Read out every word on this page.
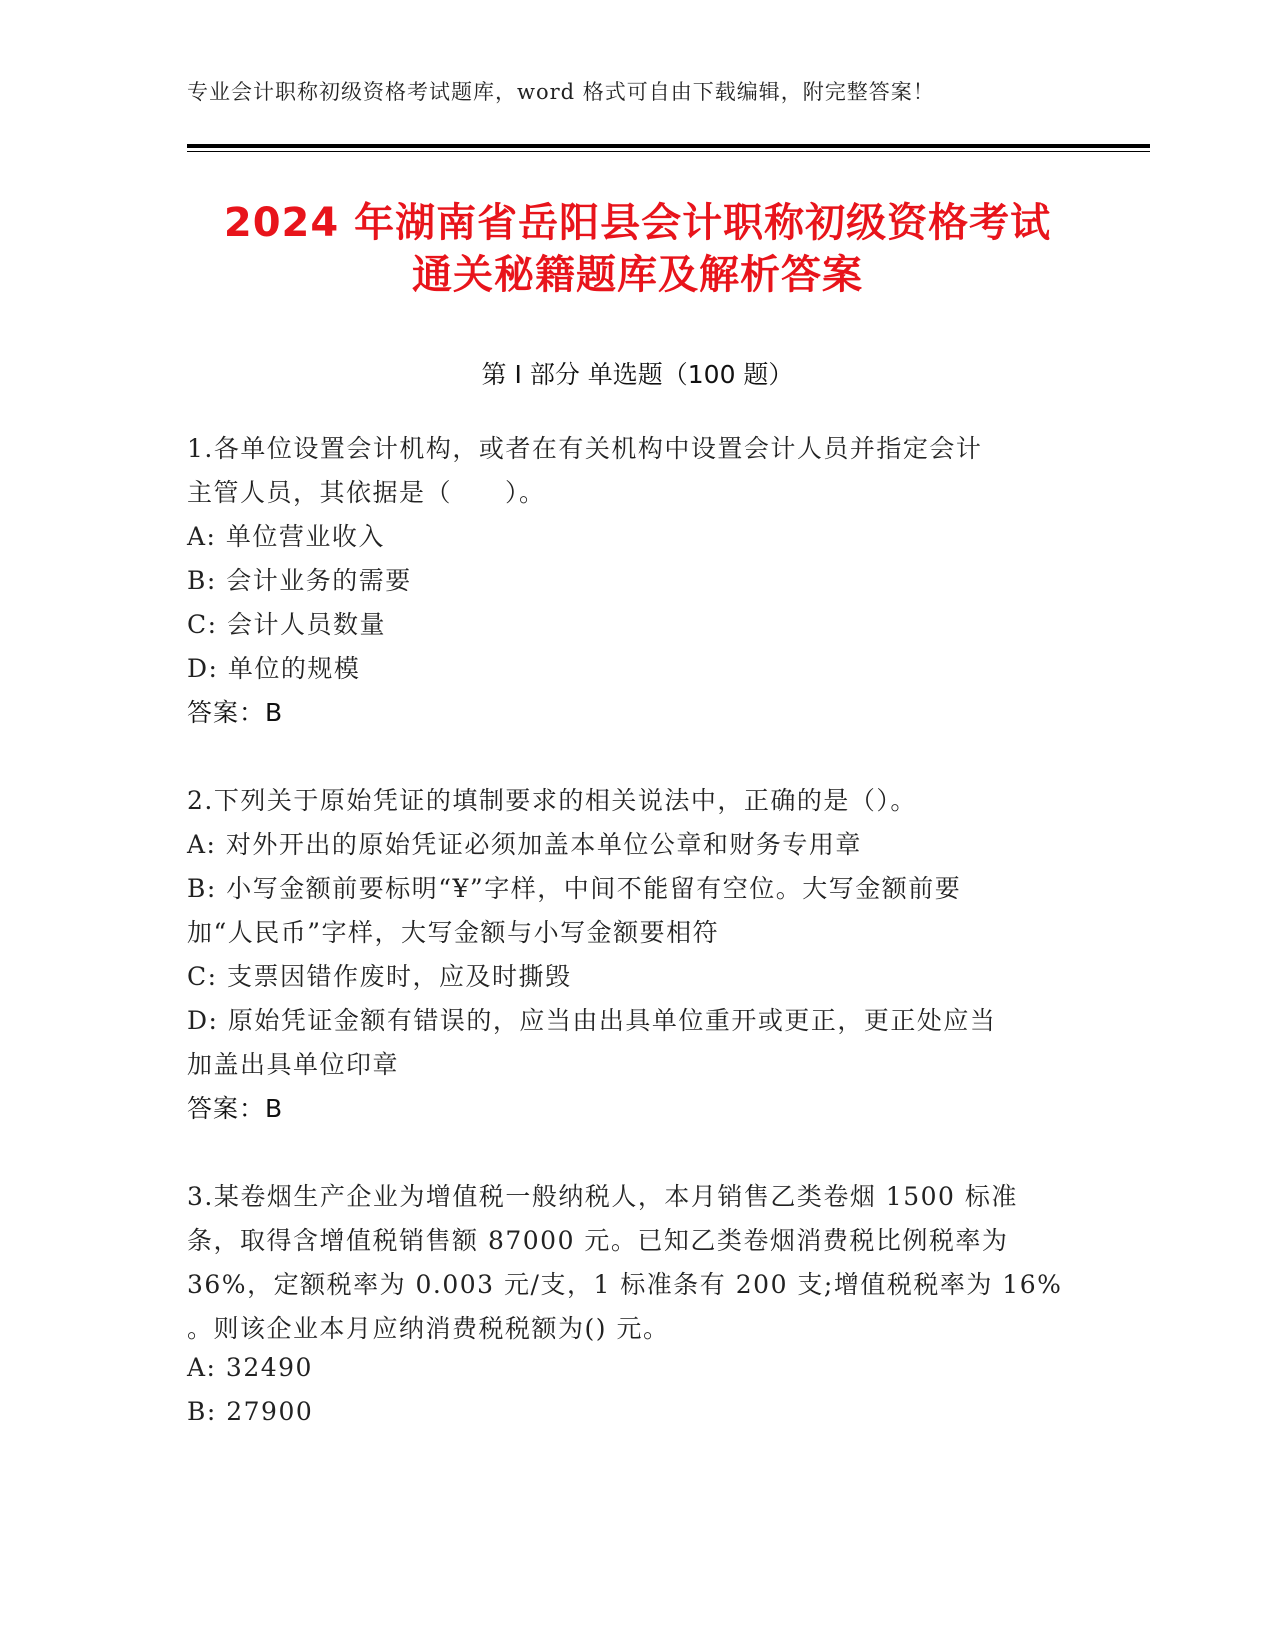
专业会计职称初级资格考试题库，word 格式可自由下载编辑，附完整答案！
2024 年湖南省岳阳县会计职称初级资格考试
通关秘籍题库及解析答案
第 I 部分 单选题（100 题）
1.各单位设置会计机构，或者在有关机构中设置会计人员并指定会计
主管人员，其依据是（　　）。
A: 单位营业收入
B: 会计业务的需要
C: 会计人员数量
D: 单位的规模
答案：B
2.下列关于原始凭证的填制要求的相关说法中，正确的是（）。
A: 对外开出的原始凭证必须加盖本单位公章和财务专用章
B: 小写金额前要标明“¥”字样，中间不能留有空位。大写金额前要
加“人民币”字样，大写金额与小写金额要相符
C: 支票因错作废时，应及时撕毁
D: 原始凭证金额有错误的，应当由出具单位重开或更正，更正处应当
加盖出具单位印章
答案：B
3.某卷烟生产企业为增值税一般纳税人，本月销售乙类卷烟 1500 标准
条，取得含增值税销售额 87000 元。已知乙类卷烟消费税比例税率为
36%，定额税率为 0.003 元/支，1 标准条有 200 支;增值税税率为 16%
。则该企业本月应纳消费税税额为() 元。
A: 32490
B: 27900
